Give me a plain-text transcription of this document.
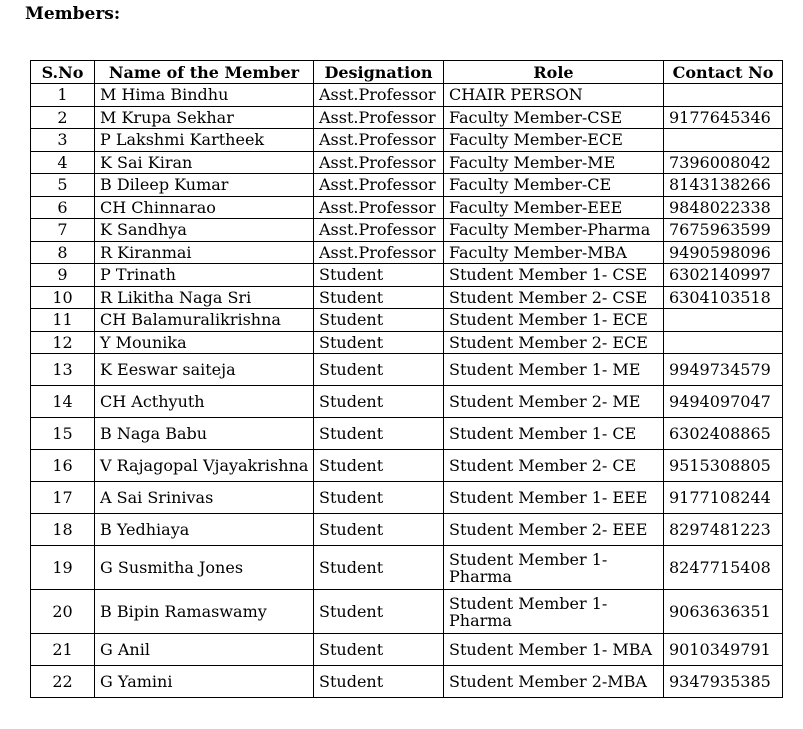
Members:

S.No	Name of the Member	Designation	Role	Contact No
1	M Hima Bindhu	Asst.Professor	CHAIR PERSON	
2	M Krupa Sekhar	Asst.Professor	Faculty Member-CSE	9177645346
3	P Lakshmi Kartheek	Asst.Professor	Faculty Member-ECE	
4	K Sai Kiran	Asst.Professor	Faculty Member-ME	7396008042
5	B Dileep Kumar	Asst.Professor	Faculty Member-CE	8143138266
6	CH Chinnarao	Asst.Professor	Faculty Member-EEE	9848022338
7	K Sandhya	Asst.Professor	Faculty Member-Pharma	7675963599
8	R Kiranmai	Asst.Professor	Faculty Member-MBA	9490598096
9	P Trinath	Student	Student Member 1- CSE	6302140997
10	R Likitha Naga Sri	Student	Student Member 2- CSE	6304103518
11	CH Balamuralikrishna	Student	Student Member 1- ECE	
12	Y Mounika	Student	Student Member 2- ECE	
13	K Eeswar saiteja	Student	Student Member 1- ME	9949734579
14	CH Acthyuth	Student	Student Member 2- ME	9494097047
15	B Naga Babu	Student	Student Member 1- CE	6302408865
16	V Rajagopal Vjayakrishna	Student	Student Member 2- CE	9515308805
17	A Sai Srinivas	Student	Student Member 1- EEE	9177108244
18	B Yedhiaya	Student	Student Member 2- EEE	8297481223
19	G Susmitha Jones	Student	Student Member 1- Pharma	8247715408
20	B Bipin Ramaswamy	Student	Student Member 1- Pharma	9063636351
21	G Anil	Student	Student Member 1- MBA	9010349791
22	G Yamini	Student	Student Member 2-MBA	9347935385
